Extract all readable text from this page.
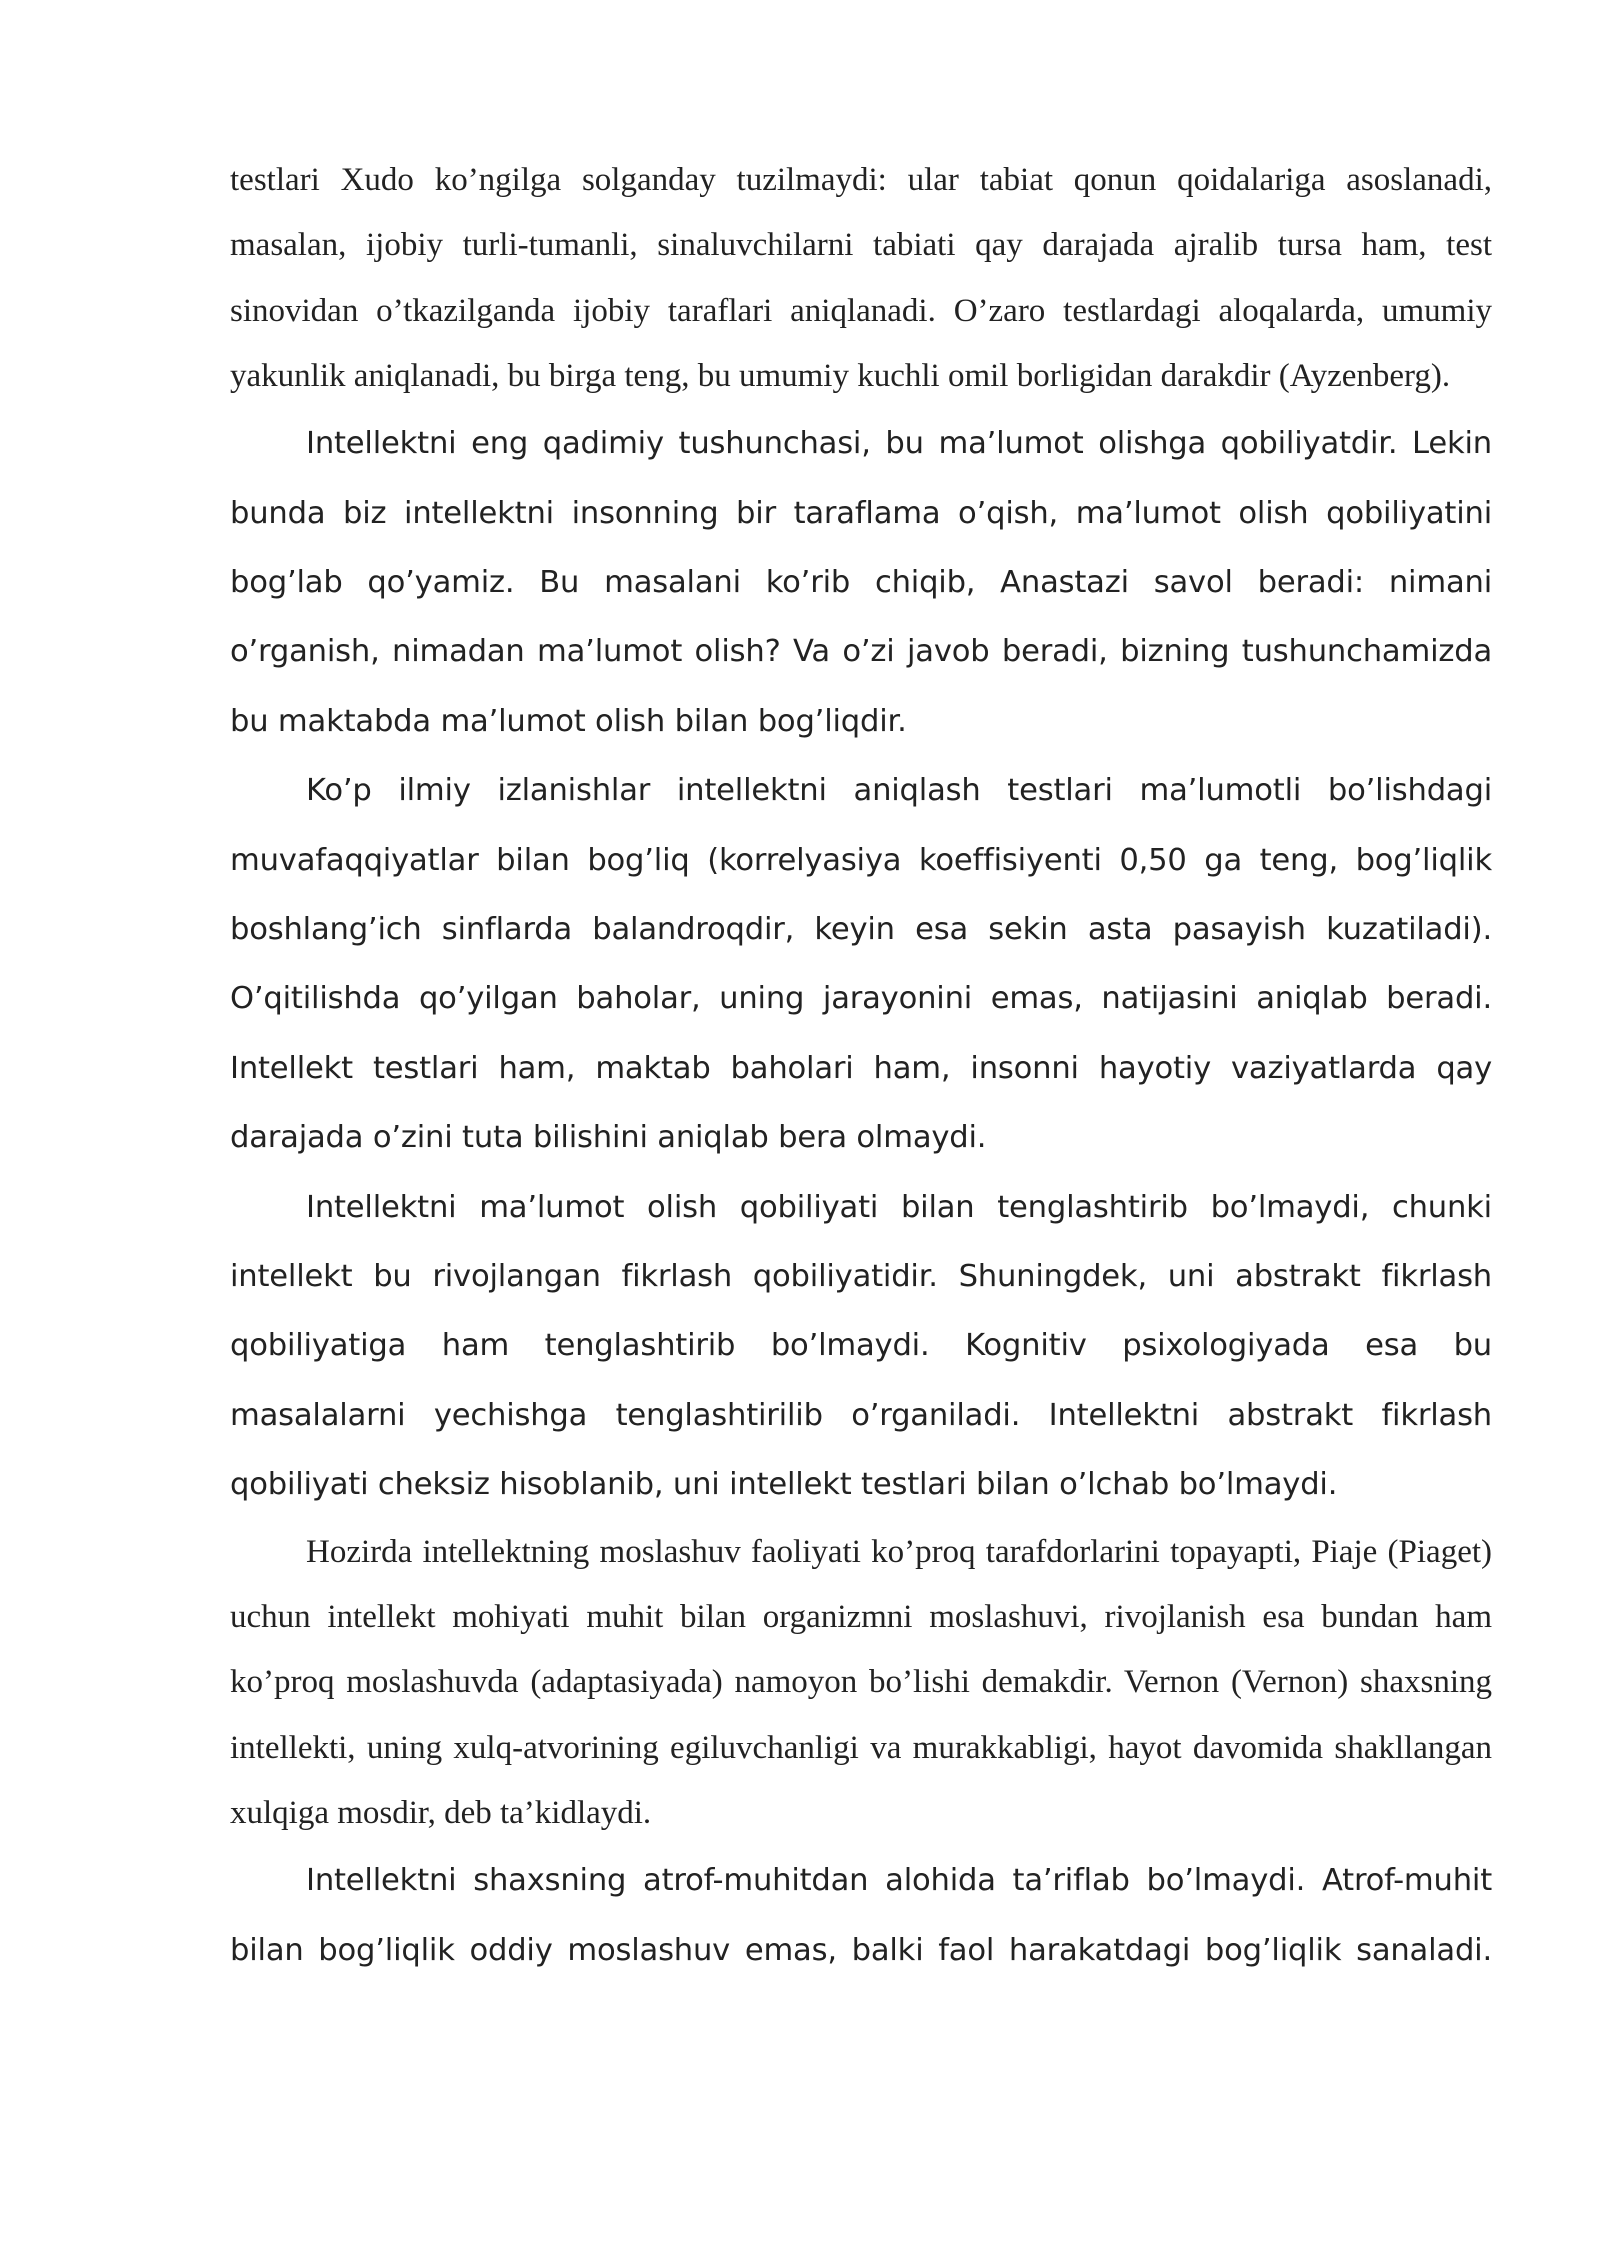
testlari Xudo ko’ngilga solganday tuzilmaydi: ular tabiat qonun qoidalariga asoslanadi, masalan, ijobiy turli-tumanli, sinaluvchilarni tabiati qay darajada ajralib tursa ham, test sinovidan o’tkazilganda ijobiy taraflari aniqlanadi. O’zaro testlardagi aloqalarda, umumiy yakunlik aniqlanadi, bu birga teng, bu umumiy kuchli omil borligidan darakdir (Ayzenberg).

Intellektni eng qadimiy tushunchasi, bu ma’lumot olishga qobiliyatdir. Lekin bunda biz intellektni insonning bir taraflama o’qish, ma’lumot olish qobiliyatini bog’lab qo’yamiz. Bu masalani ko’rib chiqib, Anastazi savol beradi: nimani o’rganish, nimadan ma’lumot olish? Va o’zi javob beradi, bizning tushunchamizda bu maktabda ma’lumot olish bilan bog’liqdir.

Ko’p ilmiy izlanishlar intellektni aniqlash testlari ma’lumotli bo’lishdagi muvafaqqiyatlar bilan bog’liq (korrelyasiya koeffisiyenti 0,50 ga teng, bog’liqlik boshlang’ich sinflarda balandroqdir, keyin esa sekin asta pasayish kuzatiladi). O’qitilishda qo’yilgan baholar, uning jarayonini emas, natijasini aniqlab beradi. Intellekt testlari ham, maktab baholari ham, insonni hayotiy vaziyatlarda qay darajada o’zini tuta bilishini aniqlab bera olmaydi.

Intellektni ma’lumot olish qobiliyati bilan tenglashtirib bo’lmaydi, chunki intellekt bu rivojlangan fikrlash qobiliyatidir. Shuningdek, uni abstrakt fikrlash qobiliyatiga ham tenglashtirib bo’lmaydi. Kognitiv psixologiyada esa bu masalalarni yechishga tenglashtirilib o’rganiladi. Intellektni abstrakt fikrlash qobiliyati cheksiz hisoblanib, uni intellekt testlari bilan o’lchab bo’lmaydi.

Hozirda intellektning moslashuv faoliyati ko’proq tarafdorlarini topayapti, Piaje (Piaget) uchun intellekt mohiyati muhit bilan organizmni moslashuvi, rivojlanish esa bundan ham ko’proq moslashuvda (adaptasiyada) namoyon bo’lishi demakdir. Vernon (Vernon) shaxsning intellekti, uning xulq-atvorining egiluvchanligi va murakkabligi, hayot davomida shakllangan xulqiga mosdir, deb ta’kidlaydi.

Intellektni shaxsning atrof-muhitdan alohida ta’riflab bo’lmaydi. Atrof-muhit bilan bog’liqlik oddiy moslashuv emas, balki faol harakatdagi bog’liqlik sanaladi.
